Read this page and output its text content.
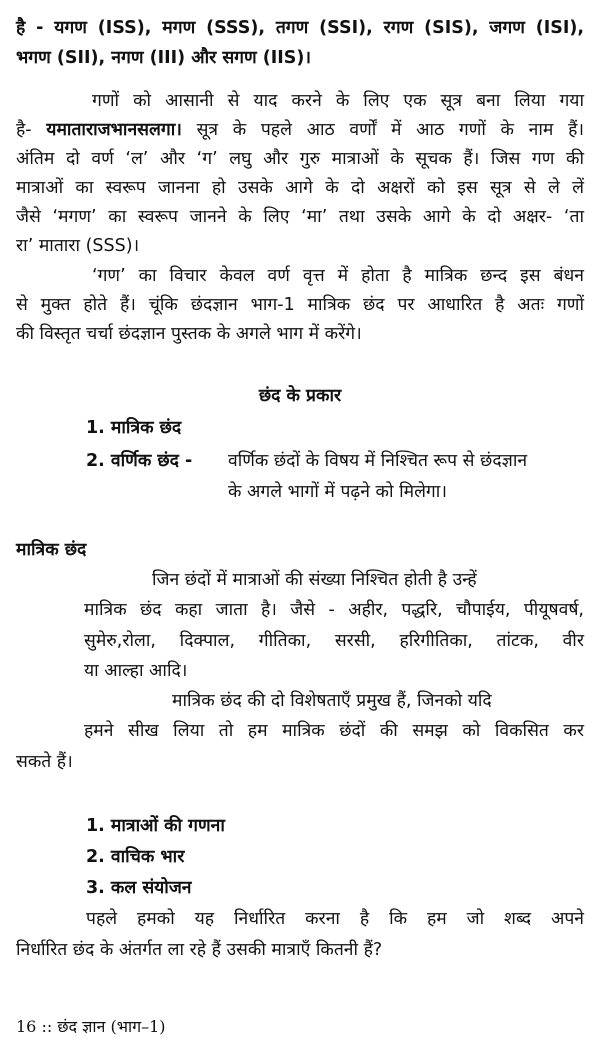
है - यगण (ISS), मगण (SSS), तगण (SSI), रगण (SIS), जगण (ISI),
भगण (SII), नगण (III) और सगण (IIS)।
गणों को आसानी से याद करने के लिए एक सूत्र बना लिया गया
है- यमाताराजभानसलगा। सूत्र के पहले आठ वर्णों में आठ गणों के नाम हैं।
अंतिम दो वर्ण ‘ल’ और ‘ग’ लघु और गुरु मात्राओं के सूचक हैं। जिस गण की
मात्राओं का स्वरूप जानना हो उसके आगे के दो अक्षरों को इस सूत्र से ले लें
जैसे ‘मगण’ का स्वरूप जानने के लिए ‘मा’ तथा उसके आगे के दो अक्षर- ‘ता
रा’ मातारा (SSS)।
‘गण’ का विचार केवल वर्ण वृत्त में होता है मात्रिक छन्द इस बंधन
से मुक्त होते हैं। चूंकि छंदज्ञान भाग-1 मात्रिक छंद पर आधारित है अतः गणों
की विस्तृत चर्चा छंदज्ञान पुस्तक के अगले भाग में करेंगे।
छंद के प्रकार
1. मात्रिक छंद
2. वर्णिक छंद - वर्णिक छंदों के विषय में निश्चित रूप से छंदज्ञान
के अगले भागों में पढ़ने को मिलेगा।
मात्रिक छंद
जिन छंदों में मात्राओं की संख्या निश्चित होती है उन्हें
मात्रिक छंद कहा जाता है। जैसे - अहीर, पद्धरि, चौपाईय, पीयूषवर्ष,
सुमेरु,रोला, दिक्पाल, गीतिका, सरसी, हरिगीतिका, तांटक, वीर
या आल्हा आदि।
मात्रिक छंद की दो विशेषताएँ प्रमुख हैं, जिनको यदि
हमने सीख लिया तो हम मात्रिक छंदों की समझ को विकसित कर
सकते हैं।
1. मात्राओं की गणना
2. वाचिक भार
3. कल संयोजन
पहले हमको यह निर्धारित करना है कि हम जो शब्द अपने
निर्धारित छंद के अंतर्गत ला रहे हैं उसकी मात्राएँ कितनी हैं?
16 :: छंद ज्ञान (भाग–1)
